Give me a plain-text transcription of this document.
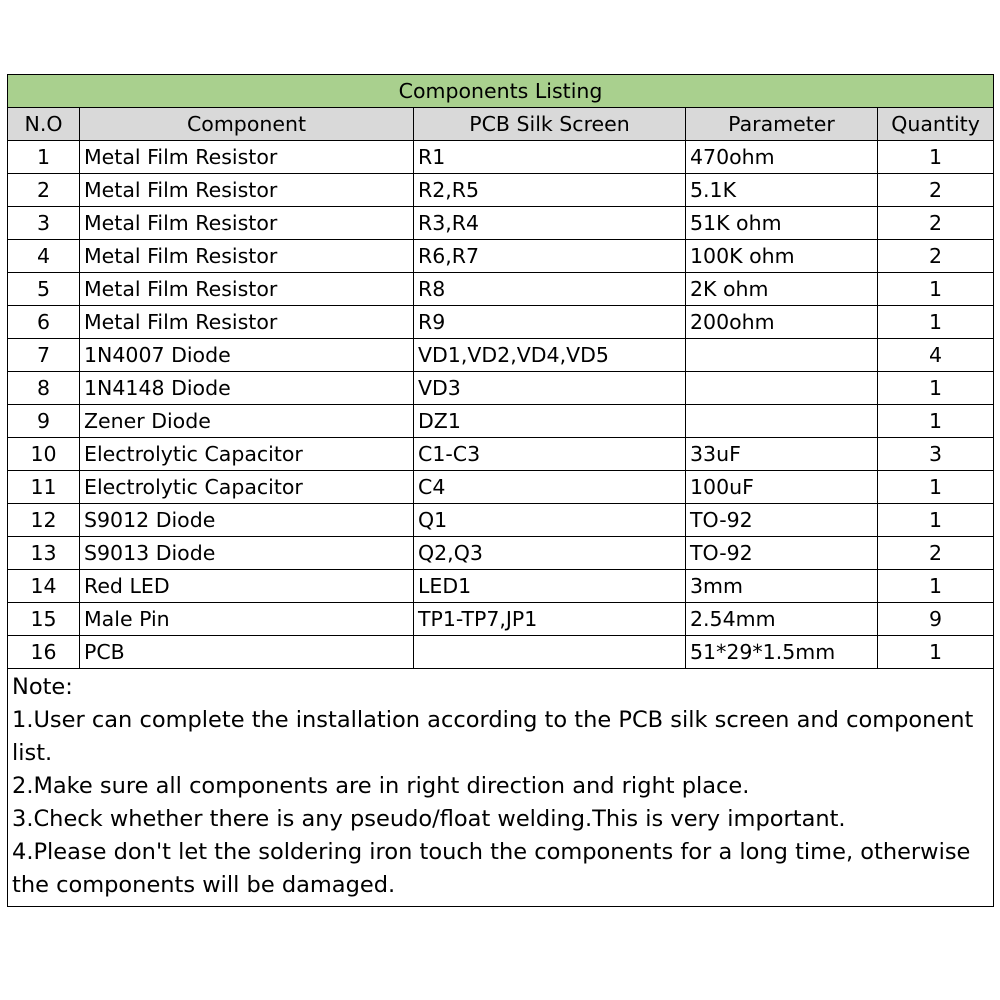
Components Listing				
N.O	Component	PCB Silk Screen	Parameter	Quantity
1	Metal Film Resistor	R1	470ohm	1
2	Metal Film Resistor	R2,R5	5.1K	2
3	Metal Film Resistor	R3,R4	51K ohm	2
4	Metal Film Resistor	R6,R7	100K ohm	2
5	Metal Film Resistor	R8	2K ohm	1
6	Metal Film Resistor	R9	200ohm	1
7	1N4007 Diode	VD1,VD2,VD4,VD5		4
8	1N4148 Diode	VD3		1
9	Zener Diode	DZ1		1
10	Electrolytic Capacitor	C1-C3	33uF	3
11	Electrolytic Capacitor	C4	100uF	1
12	S9012 Diode	Q1	TO-92	1
13	S9013 Diode	Q2,Q3	TO-92	2
14	Red LED	LED1	3mm	1
15	Male Pin	TP1-TP7,JP1	2.54mm	9
16	PCB		51*29*1.5mm	1

Note:
1.User can complete the installation according to the PCB silk screen and component list.
2.Make sure all components are in right direction and right place.
3.Check whether there is any pseudo/float welding.This is very important.
4.Please don't let the soldering iron touch the components for a long time, otherwise the components will be damaged.				
